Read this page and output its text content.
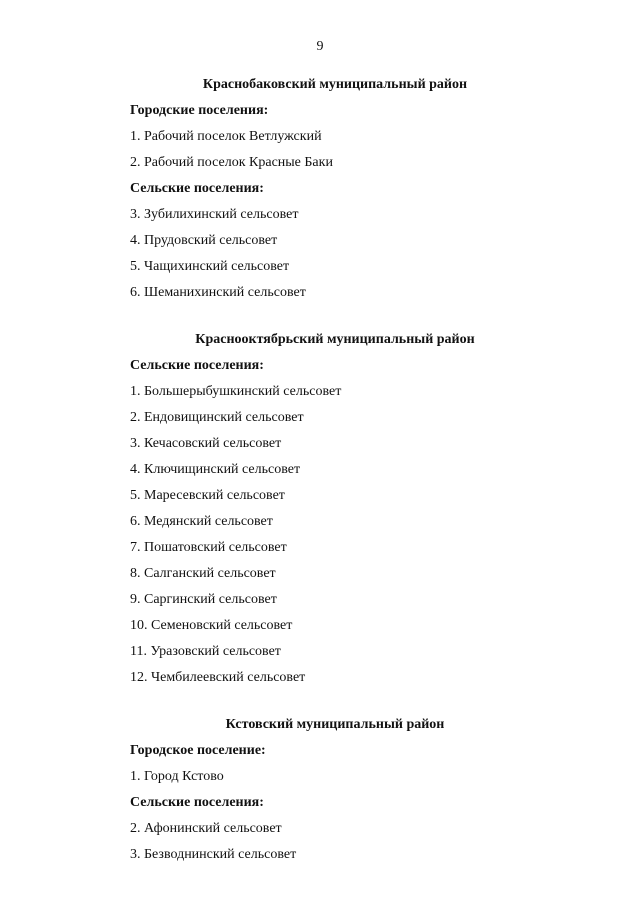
9
Краснобаковский муниципальный район
Городские поселения:
1. Рабочий поселок Ветлужский
2. Рабочий поселок Красные Баки
Сельские поселения:
3. Зубилихинский сельсовет
4. Прудовский сельсовет
5. Чащихинский сельсовет
6. Шеманихинский сельсовет
Краснооктябрьский муниципальный район
Сельские поселения:
1. Большерыбушкинский сельсовет
2. Ендовищинский сельсовет
3. Кечасовский сельсовет
4. Ключищинский сельсовет
5. Маресевский сельсовет
6. Медянский сельсовет
7. Пошатовский сельсовет
8. Салганский сельсовет
9. Саргинский сельсовет
10. Семеновский сельсовет
11. Уразовский сельсовет
12. Чембилеевский сельсовет
Кстовский муниципальный район
Городское поселение:
1. Город Кстово
Сельские поселения:
2. Афонинский сельсовет
3. Безводнинский сельсовет
